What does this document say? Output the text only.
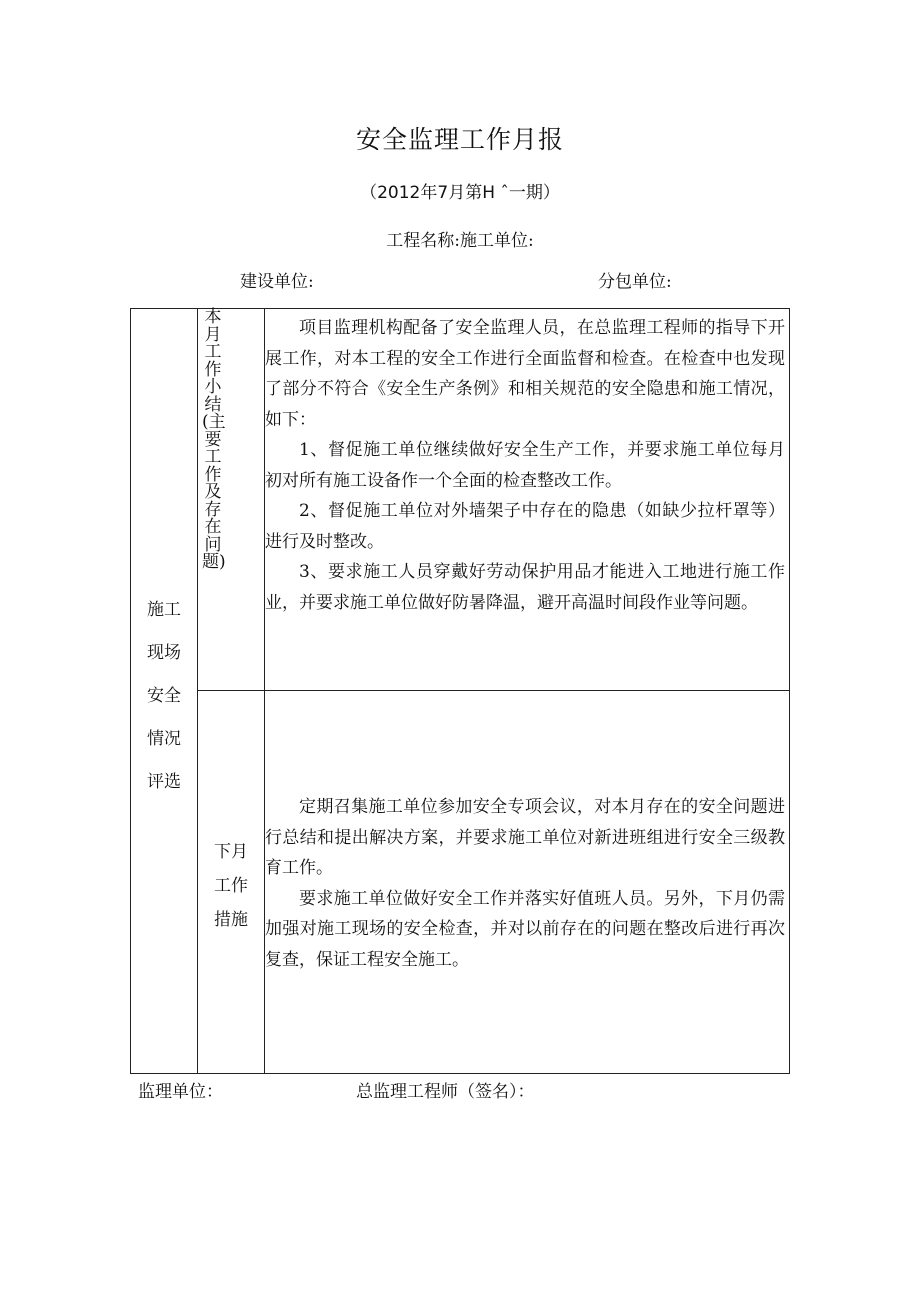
安全监理工作月报
（2012年7月第H ˆ一期）
工程名称:施工单位:
建设单位:	分包单位:
施工
现场
安全
情况
评选
本月工作小结(主要工作及存在问题)

项目监理机构配备了安全监理人员，在总监理工程师的指导下开展工作，对本工程的安全工作进行全面监督和检查。在检查中也发现了部分不符合《安全生产条例》和相关规范的安全隐患和施工情况，如下：

1、督促施工单位继续做好安全生产工作，并要求施工单位每月初对所有施工设备作一个全面的检查整改工作。

2、督促施工单位对外墙架子中存在的隐患（如缺少拉杆罩等）进行及时整改。

3、要求施工人员穿戴好劳动保护用品才能进入工地进行施工作业，并要求施工单位做好防暑降温，避开高温时间段作业等问题。

下月
工作
措施

定期召集施工单位参加安全专项会议，对本月存在的安全问题进行总结和提出解决方案，并要求施工单位对新进班组进行安全三级教育工作。

要求施工单位做好安全工作并落实好值班人员。另外，下月仍需加强对施工现场的安全检查，并对以前存在的问题在整改后进行再次复查，保证工程安全施工。

监理单位：	总监理工程师（签名）：
